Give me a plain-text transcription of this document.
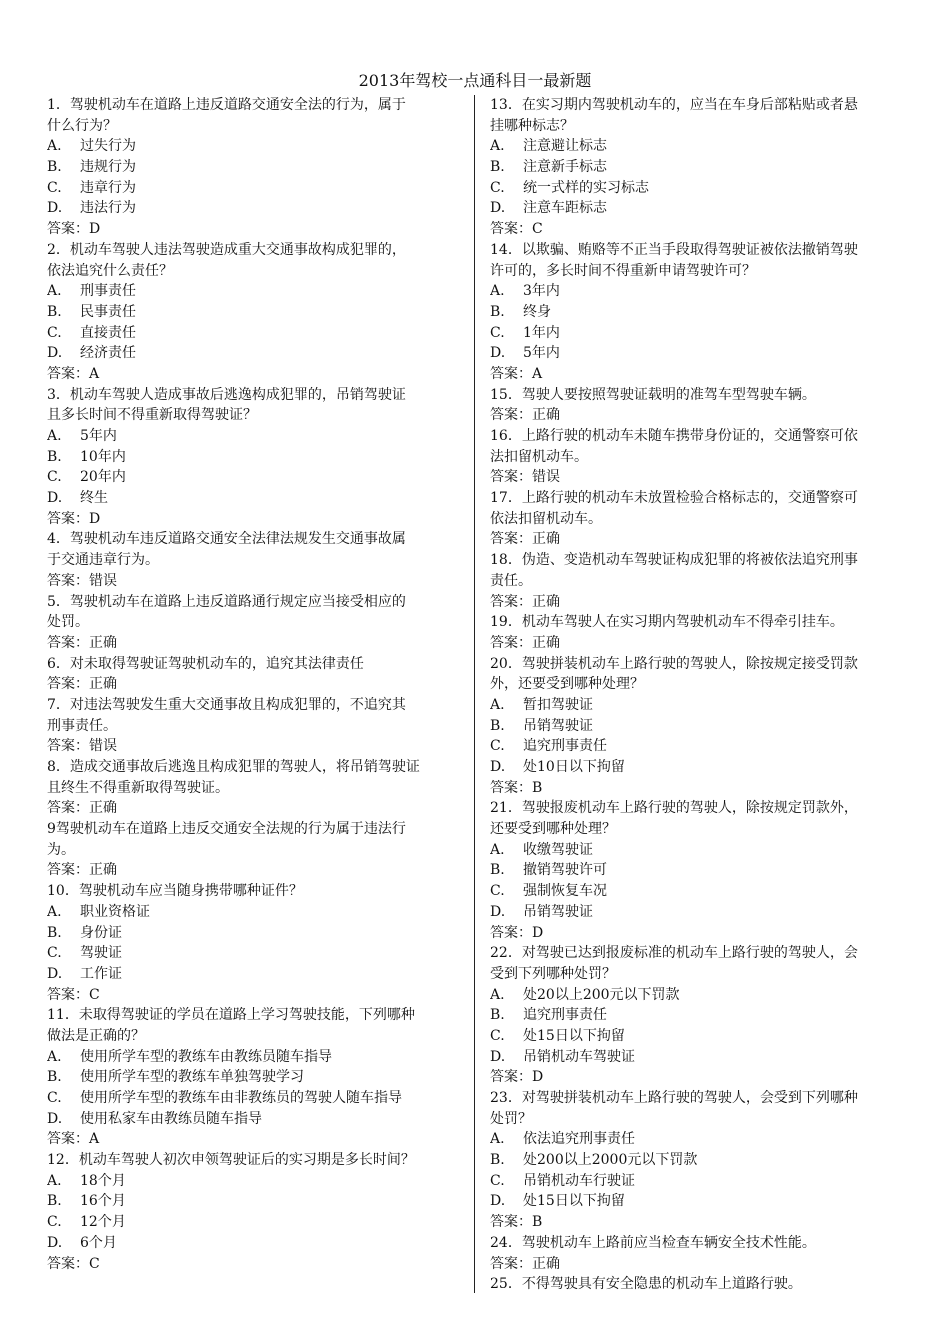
2013年驾校一点通科目一最新题
1．驾驶机动车在道路上违反道路交通安全法的行为，属于
什么行为？
A. 过失行为
B. 违规行为
C. 违章行为
D. 违法行为
答案：D
2．机动车驾驶人违法驾驶造成重大交通事故构成犯罪的，
依法追究什么责任？
A. 刑事责任
B. 民事责任
C. 直接责任
D. 经济责任
答案：A
3．机动车驾驶人造成事故后逃逸构成犯罪的，吊销驾驶证
且多长时间不得重新取得驾驶证？
A. 5年内
B. 10年内
C. 20年内
D. 终生
答案：D
4．驾驶机动车违反道路交通安全法律法规发生交通事故属
于交通违章行为。
答案：错误
5．驾驶机动车在道路上违反道路通行规定应当接受相应的
处罚。
答案：正确
6．对未取得驾驶证驾驶机动车的，追究其法律责任
答案：正确
7．对违法驾驶发生重大交通事故且构成犯罪的，不追究其
刑事责任。
答案：错误
8．造成交通事故后逃逸且构成犯罪的驾驶人，将吊销驾驶证
且终生不得重新取得驾驶证。
答案：正确
9驾驶机动车在道路上违反交通安全法规的行为属于违法行
为。
答案：正确
10．驾驶机动车应当随身携带哪种证件？
A. 职业资格证
B. 身份证
C. 驾驶证
D. 工作证
答案：C
11．未取得驾驶证的学员在道路上学习驾驶技能，下列哪种
做法是正确的？
A. 使用所学车型的教练车由教练员随车指导
B. 使用所学车型的教练车单独驾驶学习
C. 使用所学车型的教练车由非教练员的驾驶人随车指导
D. 使用私家车由教练员随车指导
答案：A
12．机动车驾驶人初次申领驾驶证后的实习期是多长时间？
A. 18个月
B. 16个月
C. 12个月
D. 6个月
答案：C
13．在实习期内驾驶机动车的，应当在车身后部粘贴或者悬
挂哪种标志？
A. 注意避让标志
B. 注意新手标志
C. 统一式样的实习标志
D. 注意车距标志
答案：C
14．以欺骗、贿赂等不正当手段取得驾驶证被依法撤销驾驶
许可的，多长时间不得重新申请驾驶许可？
A. 3年内
B. 终身
C. 1年内
D. 5年内
答案：A
15．驾驶人要按照驾驶证载明的准驾车型驾驶车辆。
答案：正确
16．上路行驶的机动车未随车携带身份证的，交通警察可依
法扣留机动车。
答案：错误
17．上路行驶的机动车未放置检验合格标志的，交通警察可
依法扣留机动车。
答案：正确
18．伪造、变造机动车驾驶证构成犯罪的将被依法追究刑事
责任。
答案：正确
19．机动车驾驶人在实习期内驾驶机动车不得牵引挂车。
答案：正确
20．驾驶拼装机动车上路行驶的驾驶人，除按规定接受罚款
外，还要受到哪种处理？
A. 暂扣驾驶证
B. 吊销驾驶证
C. 追究刑事责任
D. 处10日以下拘留
答案：B
21．驾驶报废机动车上路行驶的驾驶人，除按规定罚款外，
还要受到哪种处理？
A. 收缴驾驶证
B. 撤销驾驶许可
C. 强制恢复车况
D. 吊销驾驶证
答案：D
22．对驾驶已达到报废标准的机动车上路行驶的驾驶人，会
受到下列哪种处罚？
A. 处20以上200元以下罚款
B. 追究刑事责任
C. 处15日以下拘留
D. 吊销机动车驾驶证
答案：D
23．对驾驶拼装机动车上路行驶的驾驶人，会受到下列哪种
处罚？
A. 依法追究刑事责任
B. 处200以上2000元以下罚款
C. 吊销机动车行驶证
D. 处15日以下拘留
答案：B
24．驾驶机动车上路前应当检查车辆安全技术性能。
答案：正确
25．不得驾驶具有安全隐患的机动车上道路行驶。
